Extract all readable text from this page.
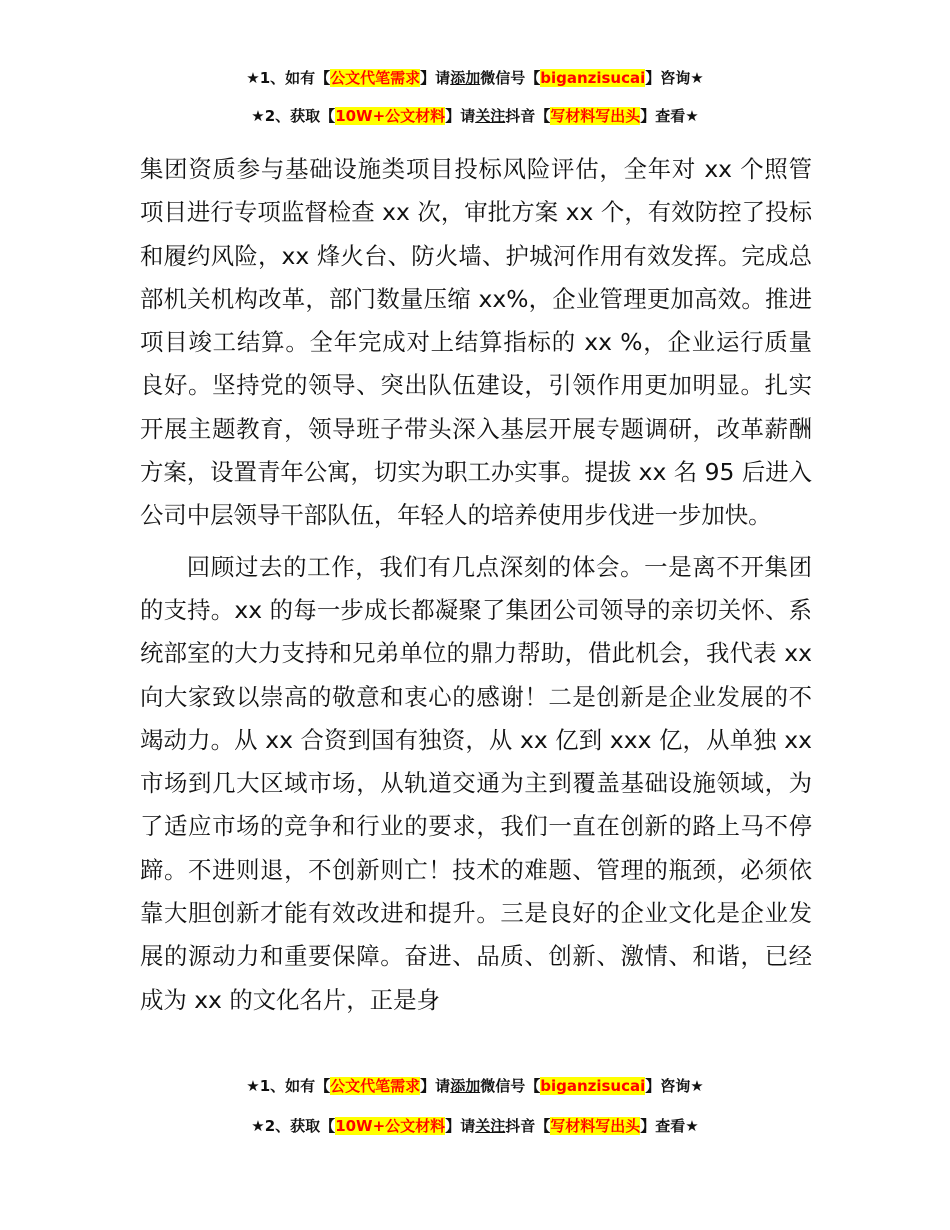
★1、如有【公文代笔需求】请添加微信号【biganzisucai】咨询★
★2、获取【10W+公文材料】请关注抖音【写材料写出头】查看★

集团资质参与基础设施类项目投标风险评估，全年对 xx 个照管项目进行专项监督检查 xx 次，审批方案 xx 个，有效防控了投标和履约风险，xx 烽火台、防火墙、护城河作用有效发挥。完成总部机关机构改革，部门数量压缩 xx%，企业管理更加高效。推进项目竣工结算。全年完成对上结算指标的 xx %，企业运行质量良好。坚持党的领导、突出队伍建设，引领作用更加明显。扎实开展主题教育，领导班子带头深入基层开展专题调研，改革薪酬方案，设置青年公寓，切实为职工办实事。提拔 xx 名 95 后进入公司中层领导干部队伍，年轻人的培养使用步伐进一步加快。

回顾过去的工作，我们有几点深刻的体会。一是离不开集团的支持。xx 的每一步成长都凝聚了集团公司领导的亲切关怀、系统部室的大力支持和兄弟单位的鼎力帮助，借此机会，我代表 xx 向大家致以崇高的敬意和衷心的感谢！二是创新是企业发展的不竭动力。从 xx 合资到国有独资，从 xx 亿到 xxx 亿，从单独 xx 市场到几大区域市场，从轨道交通为主到覆盖基础设施领域，为了适应市场的竞争和行业的要求，我们一直在创新的路上马不停蹄。不进则退，不创新则亡！技术的难题、管理的瓶颈，必须依靠大胆创新才能有效改进和提升。三是良好的企业文化是企业发展的源动力和重要保障。奋进、品质、创新、激情、和谐，已经成为 xx 的文化名片，正是身

★1、如有【公文代笔需求】请添加微信号【biganzisucai】咨询★
★2、获取【10W+公文材料】请关注抖音【写材料写出头】查看★
